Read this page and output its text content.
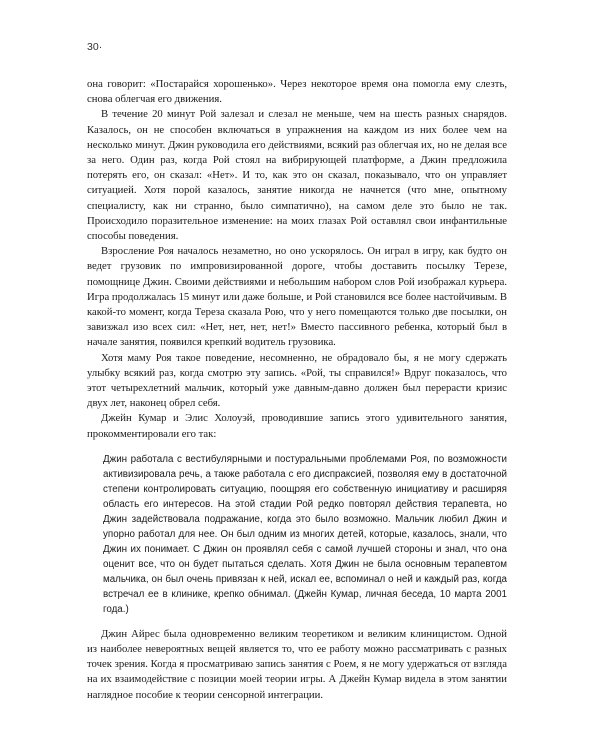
30·

она говорит: «Постарайся хорошенько». Через некоторое время она помогла ему слезть, снова облегчая его движения.

В течение 20 минут Рой залезал и слезал не меньше, чем на шесть разных снарядов. Казалось, он не способен включаться в упражнения на каждом из них более чем на несколько минут. Джин руководила его действиями, всякий раз облегчая их, но не делая все за него. Один раз, когда Рой стоял на вибрирующей платформе, а Джин предложила потерять его, он сказал: «Нет». И то, как это он сказал, показывало, что он управляет ситуацией. Хотя порой казалось, занятие никогда не начнется (что мне, опытному специалисту, как ни странно, было симпатично), на самом деле это было не так. Происходило поразительное изменение: на моих глазах Рой оставлял свои инфантильные способы поведения.

Взросление Роя началось незаметно, но оно ускорялось. Он играл в игру, как будто он ведет грузовик по импровизированной дороге, чтобы доставить посылку Терезе, помощнице Джин. Своими действиями и небольшим набором слов Рой изображал курьера. Игра продолжалась 15 минут или даже больше, и Рой становился все более настойчивым. В какой-то момент, когда Тереза сказала Рою, что у него помещаются только две посылки, он завизжал изо всех сил: «Нет, нет, нет, нет!» Вместо пассивного ребенка, который был в начале занятия, появился крепкий водитель грузовика.

Хотя маму Роя такое поведение, несомненно, не обрадовало бы, я не могу сдержать улыбку всякий раз, когда смотрю эту запись. «Рой, ты справился!» Вдруг показалось, что этот четырехлетний мальчик, который уже давным-давно должен был перерасти кризис двух лет, наконец обрел себя.

Джейн Кумар и Элис Холоуэй, проводившие запись этого удивительного занятия, прокомментировали его так:

Джин работала с вестибулярными и постуральными проблемами Роя, по возможности активизировала речь, а также работала с его диспраксией, позволяя ему в достаточной степени контролировать ситуацию, поощряя его собственную инициативу и расширяя область его интересов. На этой стадии Рой редко повторял действия терапевта, но Джин задействовала подражание, когда это было возможно. Мальчик любил Джин и упорно работал для нее. Он был одним из многих детей, которые, казалось, знали, что Джин их понимает. С Джин он проявлял себя с самой лучшей стороны и знал, что она оценит все, что он будет пытаться сделать. Хотя Джин не была основным терапевтом мальчика, он был очень привязан к ней, искал ее, вспоминал о ней и каждый раз, когда встречал ее в клинике, крепко обнимал. (Джейн Кумар, личная беседа, 10 марта 2001 года.)

Джин Айрес была одновременно великим теоретиком и великим клиницистом. Одной из наиболее невероятных вещей является то, что ее работу можно рассматривать с разных точек зрения. Когда я просматриваю запись занятия с Роем, я не могу удержаться от взгляда на их взаимодействие с позиции моей теории игры. А Джейн Кумар видела в этом занятии наглядное пособие к теории сенсорной интеграции.
